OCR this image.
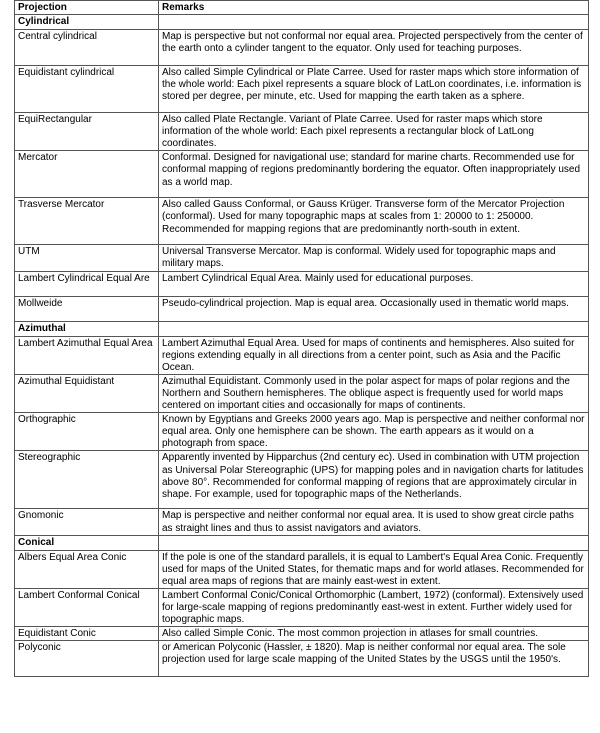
Projection	Remarks
Cylindrical	
Central cylindrical	Map is perspective but not conformal nor equal area. Projected perspectively from the center of the earth onto a cylinder tangent to the equator. Only used for teaching purposes.
Equidistant cylindrical	Also called Simple Cylindrical or Plate Carree. Used for raster maps which store information of the whole world: Each pixel represents a square block of LatLon coordinates, i.e. information is stored per degree, per minute, etc. Used for mapping the earth taken as a sphere.
EquiRectangular	Also called Plate Rectangle. Variant of Plate Carree. Used for raster maps which store information of the whole world: Each pixel represents a rectangular block of LatLong coordinates.
Mercator	Conformal. Designed for navigational use; standard for marine charts. Recommended use for conformal mapping of regions predominantly bordering the equator. Often inappropriately used as a world map.
Trasverse Mercator	Also called Gauss Conformal, or Gauss Krüger. Transverse form of the Mercator Projection (conformal). Used for many topographic maps at scales from 1: 20000 to 1: 250000. Recommended for mapping regions that are predominantly north-south in extent.
UTM	Universal Transverse Mercator. Map is conformal. Widely used for topographic maps and military maps.

Lambert Cylindrical Equal Are	Lambert Cylindrical Equal Area. Mainly used for educational purposes.
Mollweide	Pseudo-cylindrical projection. Map is equal area. Occasionally used in thematic world maps.
Azimuthal	
Lambert Azimuthal Equal Area	Lambert Azimuthal Equal Area. Used for maps of continents and hemispheres. Also suited for regions extending equally in all directions from a center point, such as Asia and the Pacific Ocean.
Azimuthal Equidistant	Azimuthal Equidistant. Commonly used in the polar aspect for maps of polar regions and the Northern and Southern hemispheres. The oblique aspect is frequently used for world maps centered on important cities and occasionally for maps of continents.
Orthographic	Known by Egyptians and Greeks 2000 years ago. Map is perspective and neither conformal nor equal area. Only one hemisphere can be shown. The earth appears as it would on a photograph from space.
Stereographic	Apparently invented by Hipparchus (2nd century ec). Used in combination with UTM projection as Universal Polar Stereographic (UPS) for mapping poles and in navigation charts for latitudes above 80°. Recommended for conformal mapping of regions that are approximately circular in shape. For example, used for topographic maps of the Netherlands.
Gnomonic	Map is perspective and neither conformal nor equal area. It is used to show great circle paths as straight lines and thus to assist navigators and aviators.
Conical	
Albers Equal Area Conic	If the pole is one of the standard parallels, it is equal to Lambert's Equal Area Conic. Frequently used for maps of the United States, for thematic maps and for world atlases. Recommended for equal area maps of regions that are mainly east-west in extent.
Lambert Conformal Conical	Lambert Conformal Conic/Conical Orthomorphic (Lambert, 1972) (conformal). Extensively used for large-scale mapping of regions predominantly east-west in extent. Further widely used for topographic maps.
Equidistant Conic	Also called Simple Conic. The most common projection in atlases for small countries.
Polyconic	or American Polyconic (Hassler, ± 1820). Map is neither conformal nor equal area. The sole projection used for large scale mapping of the United States by the USGS until the 1950's.
